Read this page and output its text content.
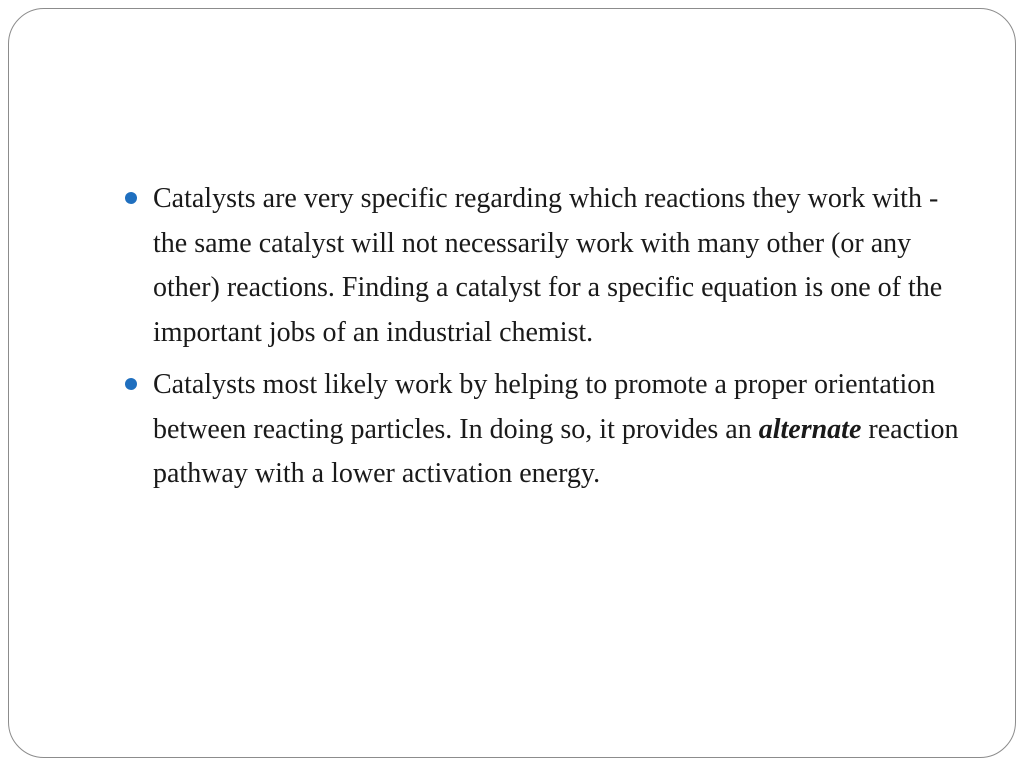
Catalysts are very specific regarding which reactions they work with - the same catalyst will not necessarily work with many other (or any other) reactions. Finding a catalyst for a specific equation is one of the important jobs of an industrial chemist.
Catalysts most likely work by helping to promote a proper orientation between reacting particles. In doing so, it provides an alternate reaction pathway with a lower activation energy.
